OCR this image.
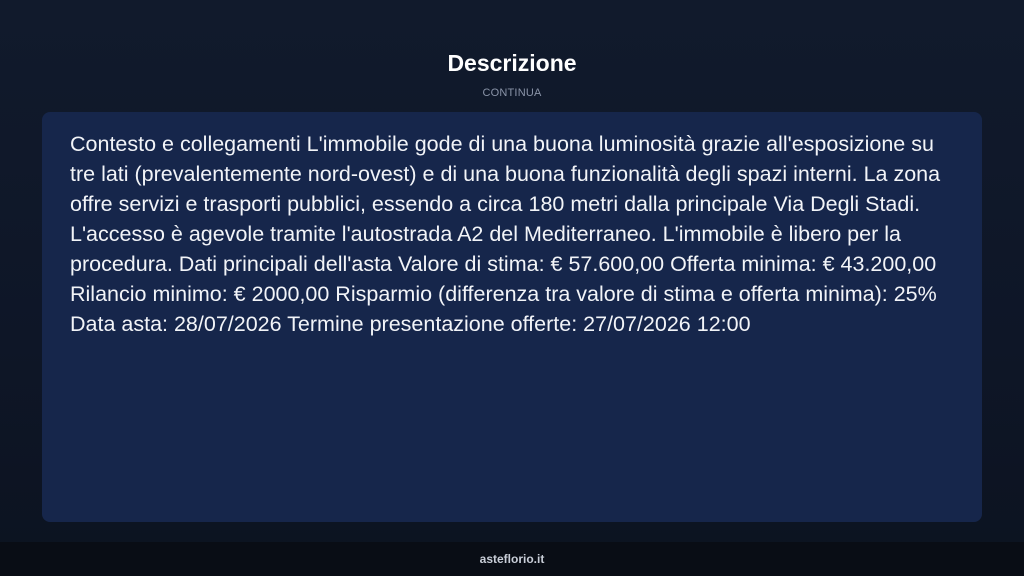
Descrizione
CONTINUA

Contesto e collegamenti L'immobile gode di una buona luminosità grazie all'esposizione su tre lati (prevalentemente nord-ovest) e di una buona funzionalità degli spazi interni. La zona offre servizi e trasporti pubblici, essendo a circa 180 metri dalla principale Via Degli Stadi. L'accesso è agevole tramite l'autostrada A2 del Mediterraneo. L'immobile è libero per la procedura. Dati principali dell'asta Valore di stima: € 57.600,00 Offerta minima: € 43.200,00 Rilancio minimo: € 2000,00 Risparmio (differenza tra valore di stima e offerta minima): 25% Data asta: 28/07/2026 Termine presentazione offerte: 27/07/2026 12:00

asteflorio.it
